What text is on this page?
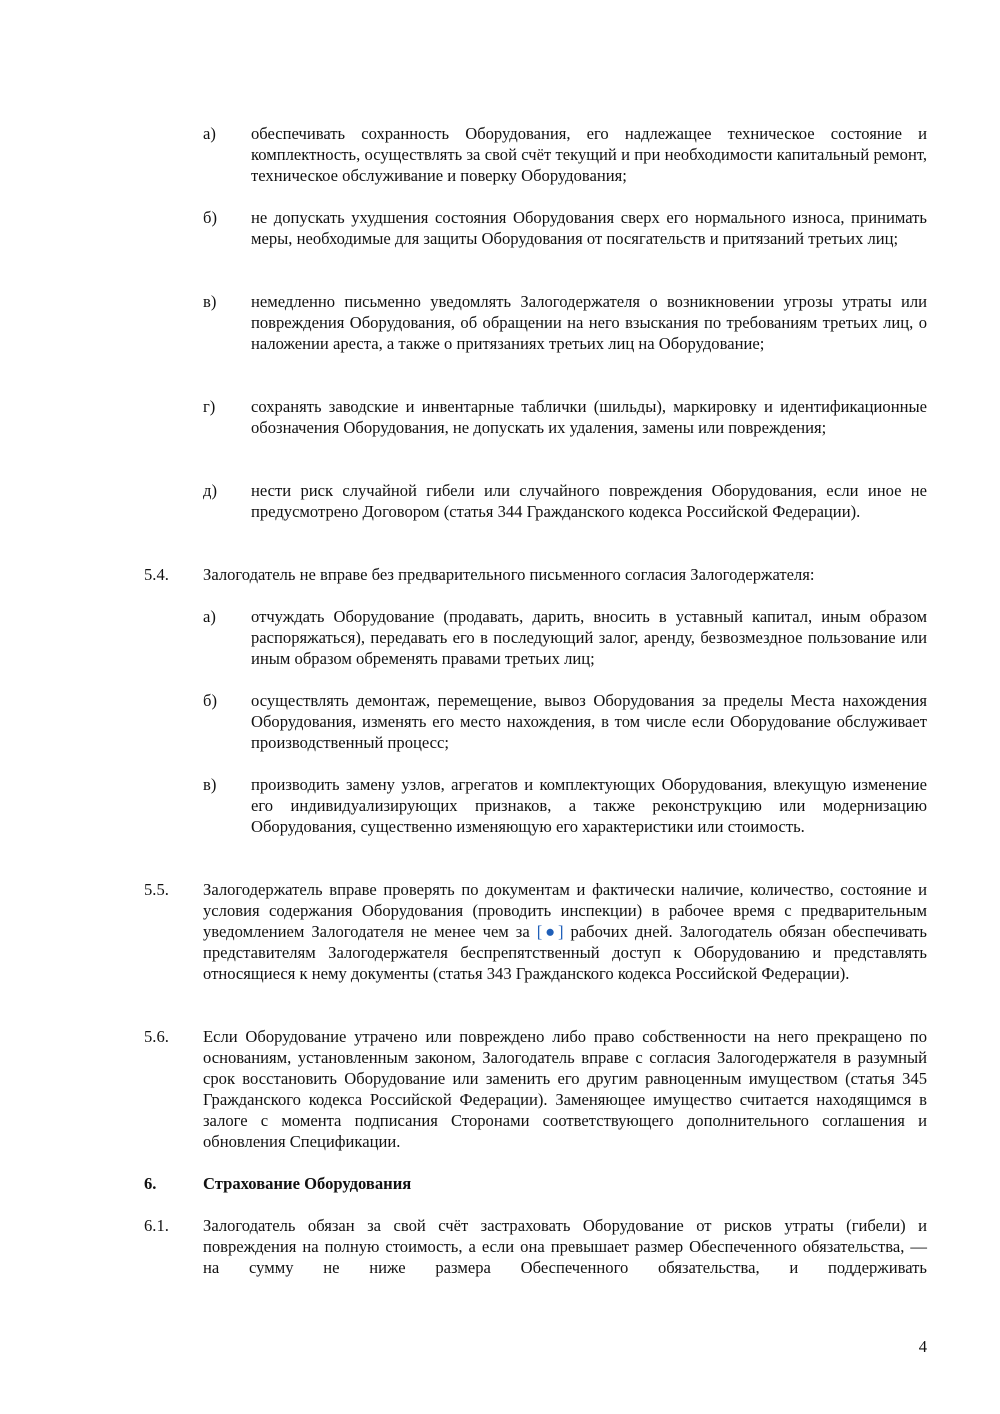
а) обеспечивать сохранность Оборудования, его надлежащее техническое состояние и комплектность, осуществлять за свой счёт текущий и при необходимости капитальный ремонт, техническое обслуживание и поверку Оборудования;
б) не допускать ухудшения состояния Оборудования сверх его нормального износа, принимать меры, необходимые для защиты Оборудования от посягательств и притязаний третьих лиц;
в) немедленно письменно уведомлять Залогодержателя о возникновении угрозы утраты или повреждения Оборудования, об обращении на него взыскания по требованиям третьих лиц, о наложении ареста, а также о притязаниях третьих лиц на Оборудование;
г) сохранять заводские и инвентарные таблички (шильды), маркировку и идентификационные обозначения Оборудования, не допускать их удаления, замены или повреждения;
д) нести риск случайной гибели или случайного повреждения Оборудования, если иное не предусмотрено Договором (статья 344 Гражданского кодекса Российской Федерации).
5.4. Залогодатель не вправе без предварительного письменного согласия Залогодержателя:
а) отчуждать Оборудование (продавать, дарить, вносить в уставный капитал, иным образом распоряжаться), передавать его в последующий залог, аренду, безвозмездное пользование или иным образом обременять правами третьих лиц;
б) осуществлять демонтаж, перемещение, вывоз Оборудования за пределы Места нахождения Оборудования, изменять его место нахождения, в том числе если Оборудование обслуживает производственный процесс;
в) производить замену узлов, агрегатов и комплектующих Оборудования, влекущую изменение его индивидуализирующих признаков, а также реконструкцию или модернизацию Оборудования, существенно изменяющую его характеристики или стоимость.
5.5. Залогодержатель вправе проверять по документам и фактически наличие, количество, состояние и условия содержания Оборудования (проводить инспекции) в рабочее время с предварительным уведомлением Залогодателя не менее чем за [●] рабочих дней. Залогодатель обязан обеспечивать представителям Залогодержателя беспрепятственный доступ к Оборудованию и представлять относящиеся к нему документы (статья 343 Гражданского кодекса Российской Федерации).
5.6. Если Оборудование утрачено или повреждено либо право собственности на него прекращено по основаниям, установленным законом, Залогодатель вправе с согласия Залогодержателя в разумный срок восстановить Оборудование или заменить его другим равноценным имуществом (статья 345 Гражданского кодекса Российской Федерации). Заменяющее имущество считается находящимся в залоге с момента подписания Сторонами соответствующего дополнительного соглашения и обновления Спецификации.
6.	Страхование Оборудования
6.1. Залогодатель обязан за свой счёт застраховать Оборудование от рисков утраты (гибели) и повреждения на полную стоимость, а если она превышает размер Обеспеченного обязательства, — на сумму не ниже размера Обеспеченного обязательства, и поддерживать
4
